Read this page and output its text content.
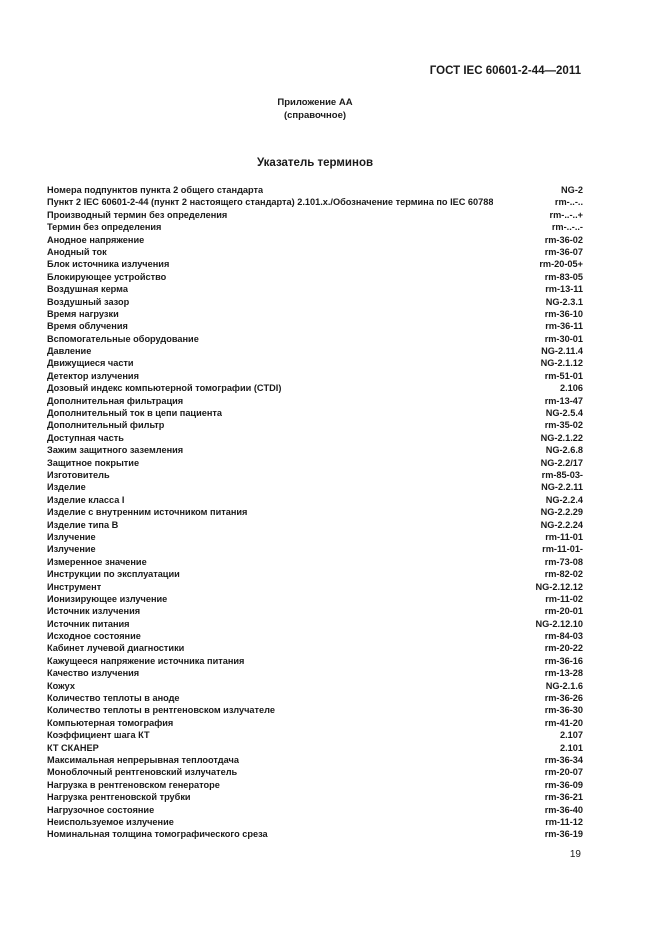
ГОСТ IEC 60601-2-44—2011
Приложение АА
(справочное)
Указатель терминов
Номера подпунктов пункта 2 общего стандарта	NG-2
Пункт 2 IEC 60601-2-44 (пункт 2 настоящего стандарта) 2.101.х./Обозначение термина по IEC 60788	rm-..-..
Производный термин без определения	rm-..-..+
Термин без определения	rm-..-..-
Анодное напряжение	rm-36-02
Анодный ток	rm-36-07
Блок источника излучения	rm-20-05+
Блокирующее устройство	rm-83-05
Воздушная керма	rm-13-11
Воздушный зазор	NG-2.3.1
Время нагрузки	rm-36-10
Время облучения	rm-36-11
Вспомогательные оборудование	rm-30-01
Давление	NG-2.11.4
Движущиеся части	NG-2.1.12
Детектор излучения	rm-51-01
Дозовый индекс компьютерной томографии (CTDI)	2.106
Дополнительная фильтрация	rm-13-47
Дополнительный ток в цепи пациента	NG-2.5.4
Дополнительный фильтр	rm-35-02
Доступная часть	NG-2.1.22
Зажим защитного заземления	NG-2.6.8
Защитное покрытие	NG-2.2/17
Изготовитель	rm-85-03-
Изделие	NG-2.2.11
Изделие класса I	NG-2.2.4
Изделие с внутренним источником питания	NG-2.2.29
Изделие типа В	NG-2.2.24
Излучение	rm-11-01
Излучение	rm-11-01-
Измеренное значение	rm-73-08
Инструкции по эксплуатации	rm-82-02
Инструмент	NG-2.12.12
Ионизирующее излучение	rm-11-02
Источник излучения	rm-20-01
Источник питания	NG-2.12.10
Исходное состояние	rm-84-03
Кабинет лучевой диагностики	rm-20-22
Кажущееся напряжение источника питания	rm-36-16
Качество излучения	rm-13-28
Кожух	NG-2.1.6
Количество теплоты в аноде	rm-36-26
Количество теплоты в рентгеновском излучателе	rm-36-30
Компьютерная томография	rm-41-20
Коэффициент шага КТ	2.107
КТ СКАНЕР	2.101
Максимальная непрерывная теплоотдача	rm-36-34
Моноблочный рентгеновский излучатель	rm-20-07
Нагрузка в рентгеновском генераторе	rm-36-09
Нагрузка рентгеновской трубки	rm-36-21
Нагрузочное состояние	rm-36-40
Неиспользуемое излучение	rm-11-12
Номинальная толщина томографического среза	rm-36-19
19
